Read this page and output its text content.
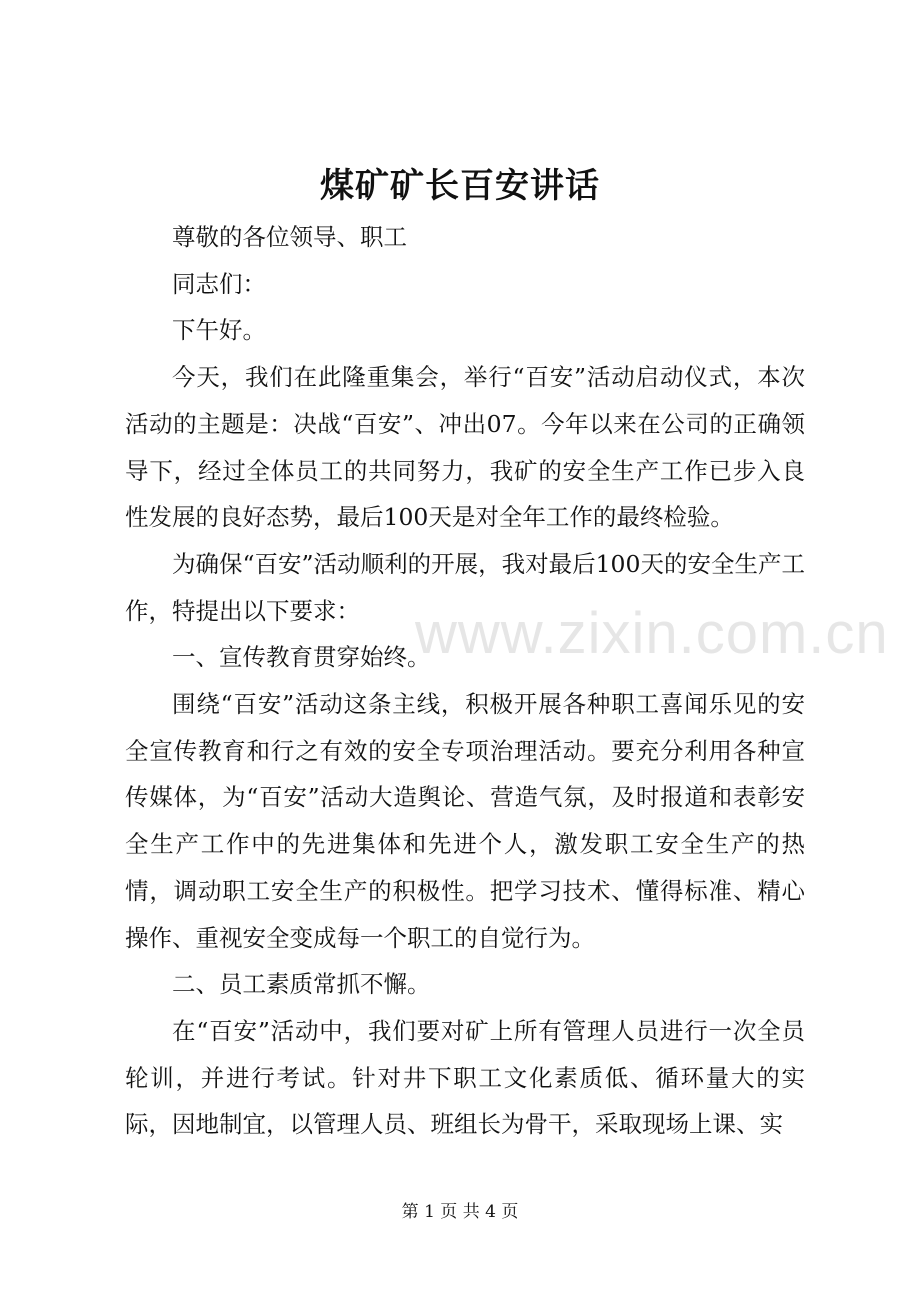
www.zixin.com.cn
煤矿矿长百安讲话

尊敬的各位领导、职工

同志们：

下午好。

今天，我们在此隆重集会，举行“百安”活动启动仪式，本次活动的主题是：决战“百安”、冲出07。今年以来在公司的正确领导下，经过全体员工的共同努力，我矿的安全生产工作已步入良性发展的良好态势，最后100天是对全年工作的最终检验。

为确保“百安”活动顺利的开展，我对最后100天的安全生产工作，特提出以下要求：

一、宣传教育贯穿始终。

围绕“百安”活动这条主线，积极开展各种职工喜闻乐见的安全宣传教育和行之有效的安全专项治理活动。要充分利用各种宣传媒体，为“百安”活动大造舆论、营造气氛，及时报道和表彰安全生产工作中的先进集体和先进个人，激发职工安全生产的热情，调动职工安全生产的积极性。把学习技术、懂得标准、精心操作、重视安全变成每一个职工的自觉行为。

二、员工素质常抓不懈。

在“百安”活动中，我们要对矿上所有管理人员进行一次全员轮训，并进行考试。针对井下职工文化素质低、循环量大的实际，因地制宜，以管理人员、班组长为骨干，采取现场上课、实

第 1 页 共 4 页
